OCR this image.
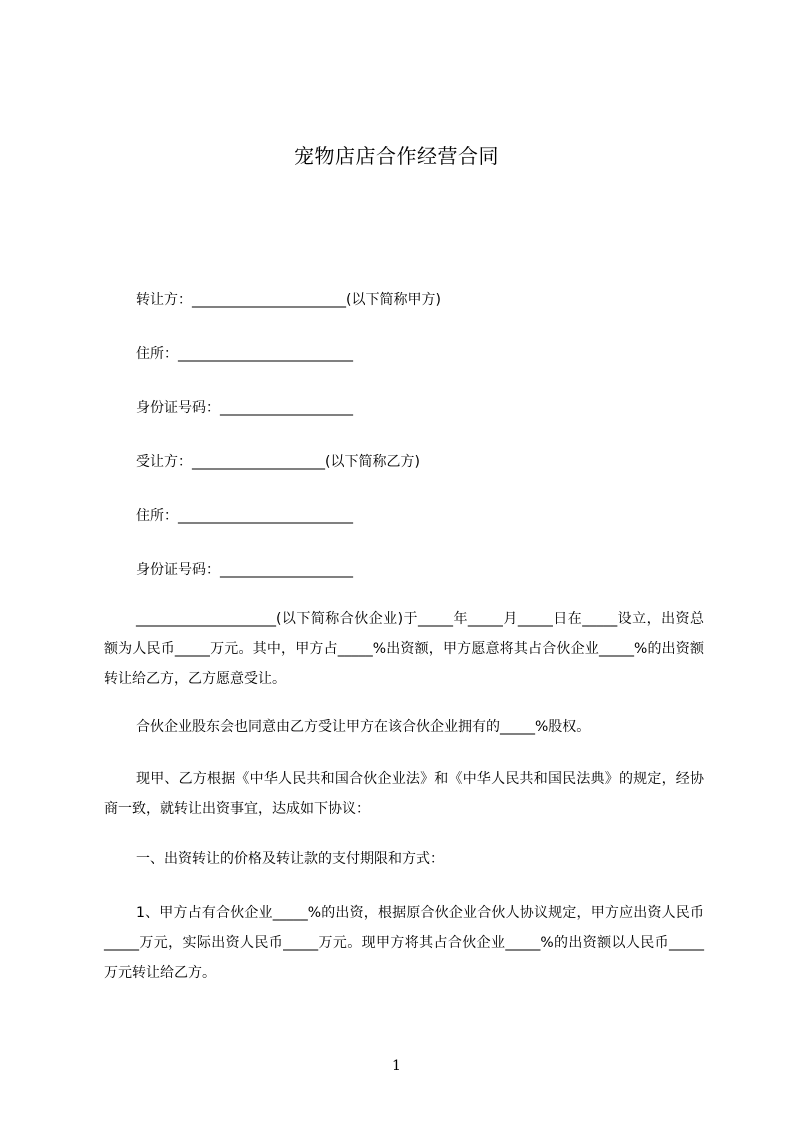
宠物店店合作经营合同
转让方：______________________(以下简称甲方)
住所：_________________________
身份证号码：___________________
受让方：___________________(以下简称乙方)
住所：_________________________
身份证号码：___________________
____________________(以下简称合伙企业)于_____年_____月_____日在_____设立，出资总额为人民币_____万元。其中，甲方占_____%出资额，甲方愿意将其占合伙企业_____%的出资额转让给乙方，乙方愿意受让。
合伙企业股东会也同意由乙方受让甲方在该合伙企业拥有的_____%股权。
现甲、乙方根据《中华人民共和国合伙企业法》和《中华人民共和国民法典》的规定，经协商一致，就转让出资事宜，达成如下协议：
一、出资转让的价格及转让款的支付期限和方式：
1、甲方占有合伙企业_____%的出资，根据原合伙企业合伙人协议规定，甲方应出资人民币_____万元，实际出资人民币_____万元。现甲方将其占合伙企业_____%的出资额以人民币_____万元转让给乙方。
1
